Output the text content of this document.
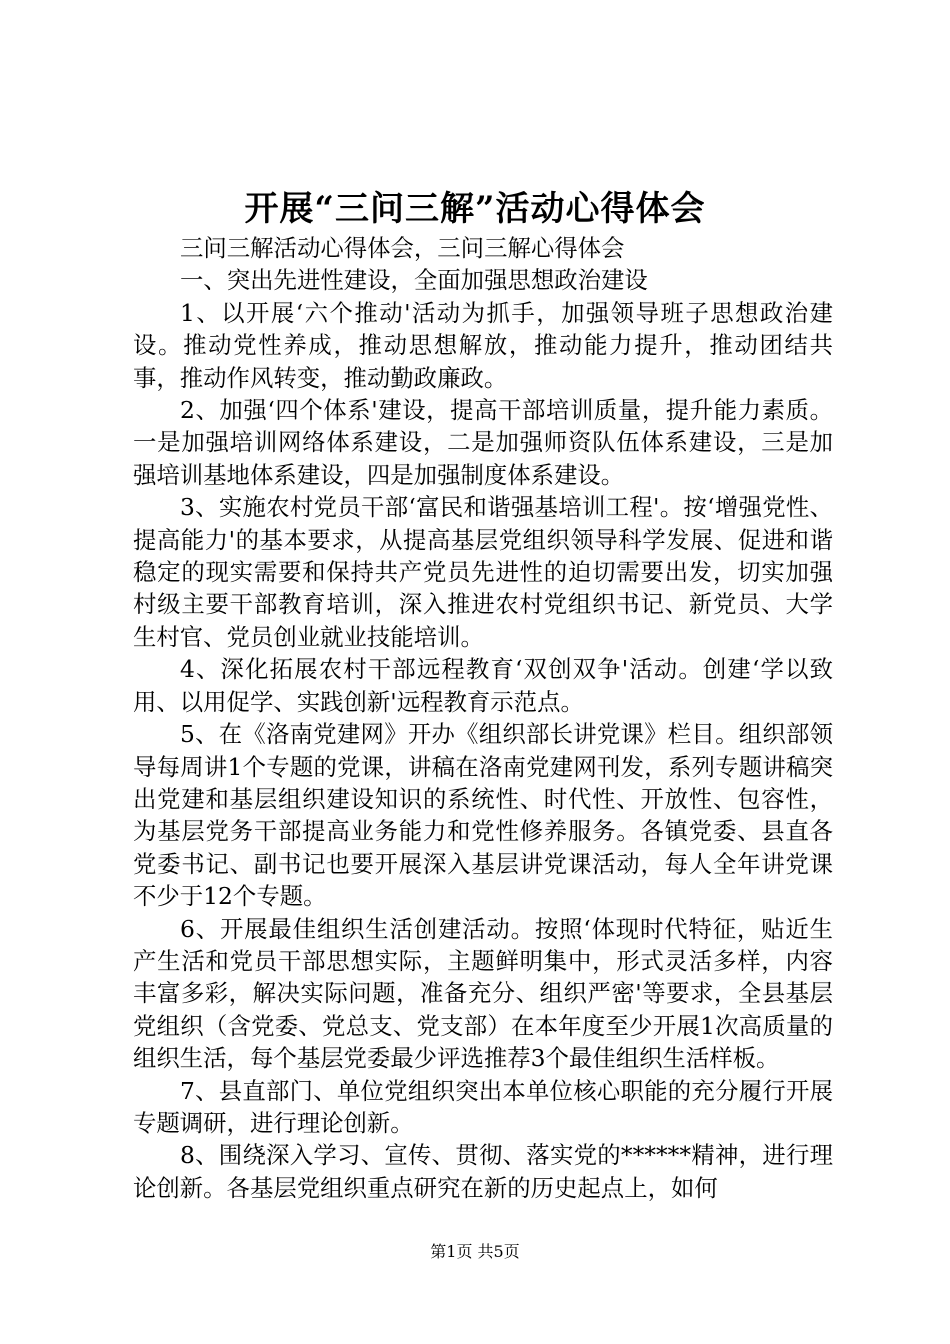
开展“三问三解”活动心得体会

三问三解活动心得体会，三问三解心得体会

一、突出先进性建设，全面加强思想政治建设

1、以开展‘六个推动'活动为抓手，加强领导班子思想政治建设。推动党性养成，推动思想解放，推动能力提升，推动团结共事，推动作风转变，推动勤政廉政。

2、加强‘四个体系'建设，提高干部培训质量，提升能力素质。一是加强培训网络体系建设，二是加强师资队伍体系建设，三是加强培训基地体系建设，四是加强制度体系建设。

3、实施农村党员干部‘富民和谐强基培训工程'。按‘增强党性、提高能力'的基本要求，从提高基层党组织领导科学发展、促进和谐稳定的现实需要和保持共产党员先进性的迫切需要出发，切实加强村级主要干部教育培训，深入推进农村党组织书记、新党员、大学生村官、党员创业就业技能培训。

4、深化拓展农村干部远程教育‘双创双争'活动。创建‘学以致用、以用促学、实践创新'远程教育示范点。

5、在《洛南党建网》开办《组织部长讲党课》栏目。组织部领导每周讲1个专题的党课，讲稿在洛南党建网刊发，系列专题讲稿突出党建和基层组织建设知识的系统性、时代性、开放性、包容性，为基层党务干部提高业务能力和党性修养服务。各镇党委、县直各党委书记、副书记也要开展深入基层讲党课活动，每人全年讲党课不少于12个专题。

6、开展最佳组织生活创建活动。按照‘体现时代特征，贴近生产生活和党员干部思想实际，主题鲜明集中，形式灵活多样，内容丰富多彩，解决实际问题，准备充分、组织严密'等要求，全县基层党组织（含党委、党总支、党支部）在本年度至少开展1次高质量的组织生活，每个基层党委最少评选推荐3个最佳组织生活样板。

7、县直部门、单位党组织突出本单位核心职能的充分履行开展专题调研，进行理论创新。

8、围绕深入学习、宣传、贯彻、落实党的******精神，进行理论创新。各基层党组织重点研究在新的历史起点上，如何

第1页 共5页
